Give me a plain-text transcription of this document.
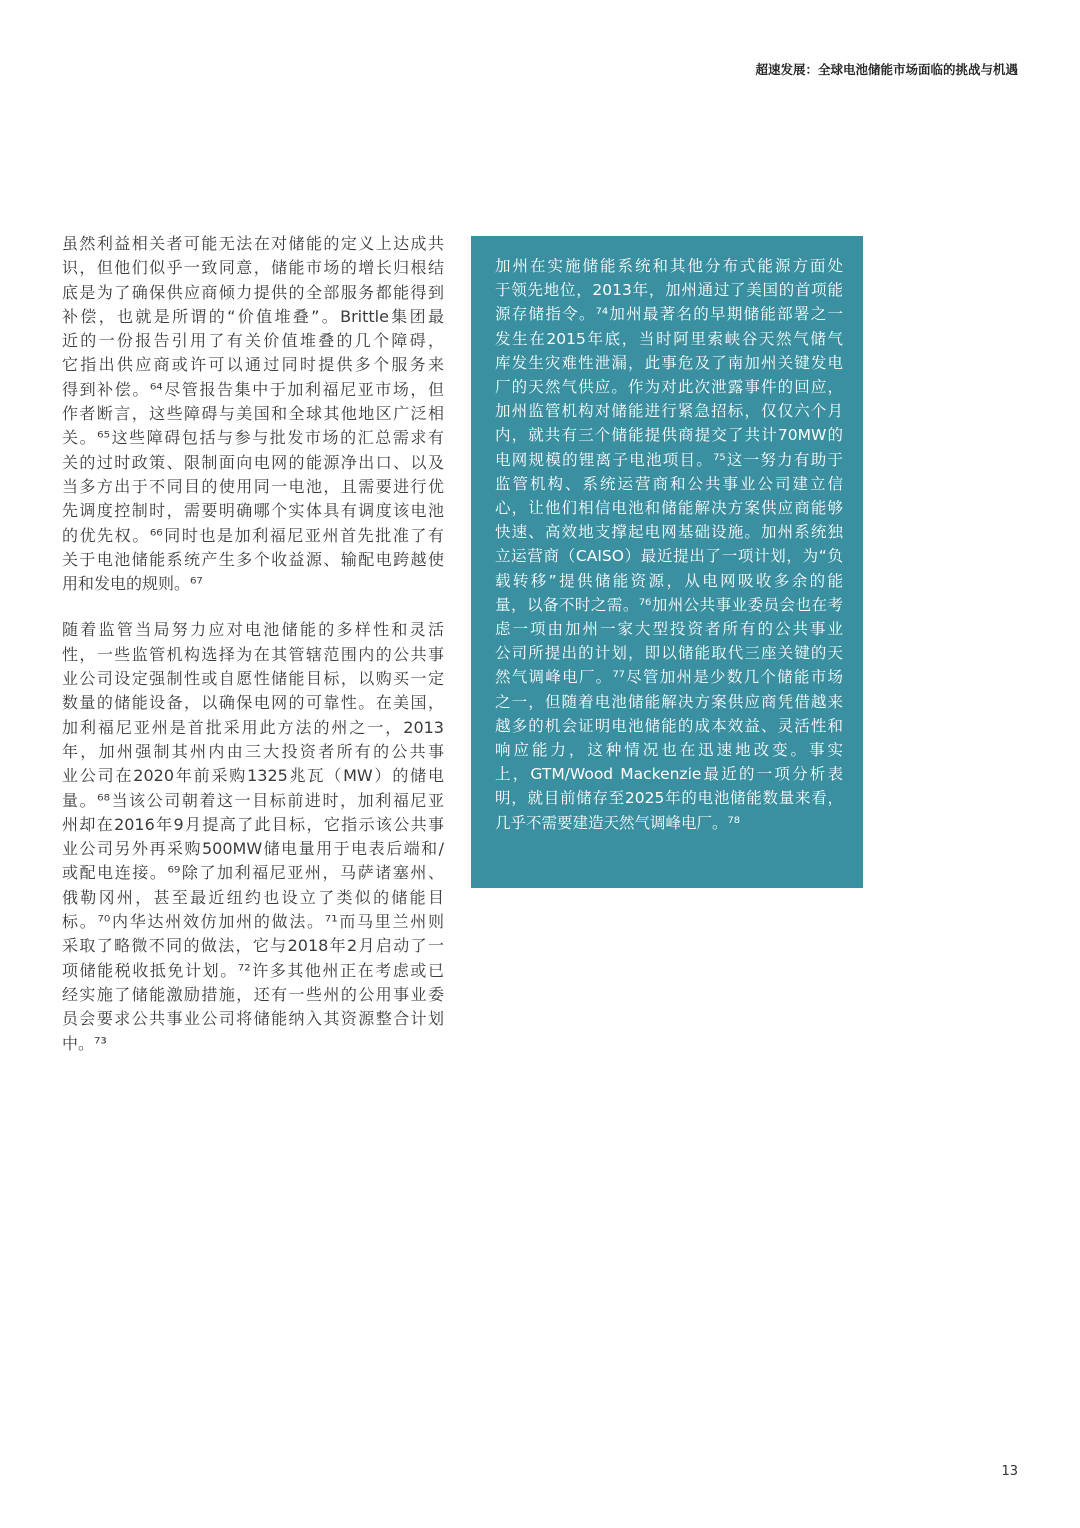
超速发展：全球电池储能市场面临的挑战与机遇

虽然利益相关者可能无法在对储能的定义上达成共
识，但他们似乎一致同意，储能市场的增长归根结
底是为了确保供应商倾力提供的全部服务都能得到
补偿，也就是所谓的“价值堆叠”。Brittle集团最
近的一份报告引用了有关价值堆叠的几个障碍，
它指出供应商或许可以通过同时提供多个服务来
得到补偿。⁶⁴尽管报告集中于加利福尼亚市场，但
作者断言，这些障碍与美国和全球其他地区广泛相
关。⁶⁵这些障碍包括与参与批发市场的汇总需求有
关的过时政策、限制面向电网的能源净出口、以及
当多方出于不同目的使用同一电池，且需要进行优
先调度控制时，需要明确哪个实体具有调度该电池
的优先权。⁶⁶同时也是加利福尼亚州首先批准了有
关于电池储能系统产生多个收益源、输配电跨越使
用和发电的规则。⁶⁷

随着监管当局努力应对电池储能的多样性和灵活
性，一些监管机构选择为在其管辖范围内的公共事
业公司设定强制性或自愿性储能目标，以购买一定
数量的储能设备，以确保电网的可靠性。在美国，
加利福尼亚州是首批采用此方法的州之一，2013
年，加州强制其州内由三大投资者所有的公共事
业公司在2020年前采购1325兆瓦（MW）的储电
量。⁶⁸当该公司朝着这一目标前进时，加利福尼亚
州却在2016年9月提高了此目标，它指示该公共事
业公司另外再采购500MW储电量用于电表后端和/
或配电连接。⁶⁹除了加利福尼亚州，马萨诸塞州、
俄勒冈州，甚至最近纽约也设立了类似的储能目
标。⁷⁰内华达州效仿加州的做法。⁷¹而马里兰州则
采取了略微不同的做法，它与2018年2月启动了一
项储能税收抵免计划。⁷²许多其他州正在考虑或已
经实施了储能激励措施，还有一些州的公用事业委
员会要求公共事业公司将储能纳入其资源整合计划
中。⁷³

加州在实施储能系统和其他分布式能源方面处
于领先地位，2013年，加州通过了美国的首项能
源存储指令。⁷⁴加州最著名的早期储能部署之一
发生在2015年底，当时阿里索峡谷天然气储气
库发生灾难性泄漏，此事危及了南加州关键发电
厂的天然气供应。作为对此次泄露事件的回应，
加州监管机构对储能进行紧急招标，仅仅六个月
内，就共有三个储能提供商提交了共计70MW的
电网规模的锂离子电池项目。⁷⁵这一努力有助于
监管机构、系统运营商和公共事业公司建立信
心，让他们相信电池和储能解决方案供应商能够
快速、高效地支撑起电网基础设施。加州系统独
立运营商（CAISO）最近提出了一项计划，为“负
载转移”提供储能资源，从电网吸收多余的能
量，以备不时之需。⁷⁶加州公共事业委员会也在考
虑一项由加州一家大型投资者所有的公共事业
公司所提出的计划，即以储能取代三座关键的天
然气调峰电厂。⁷⁷尽管加州是少数几个储能市场
之一，但随着电池储能解决方案供应商凭借越来
越多的机会证明电池储能的成本效益、灵活性和
响应能力，这种情况也在迅速地改变。事实
上，GTM/Wood Mackenzie最近的一项分析表
明，就目前储存至2025年的电池储能数量来看，
几乎不需要建造天然气调峰电厂。⁷⁸
13
